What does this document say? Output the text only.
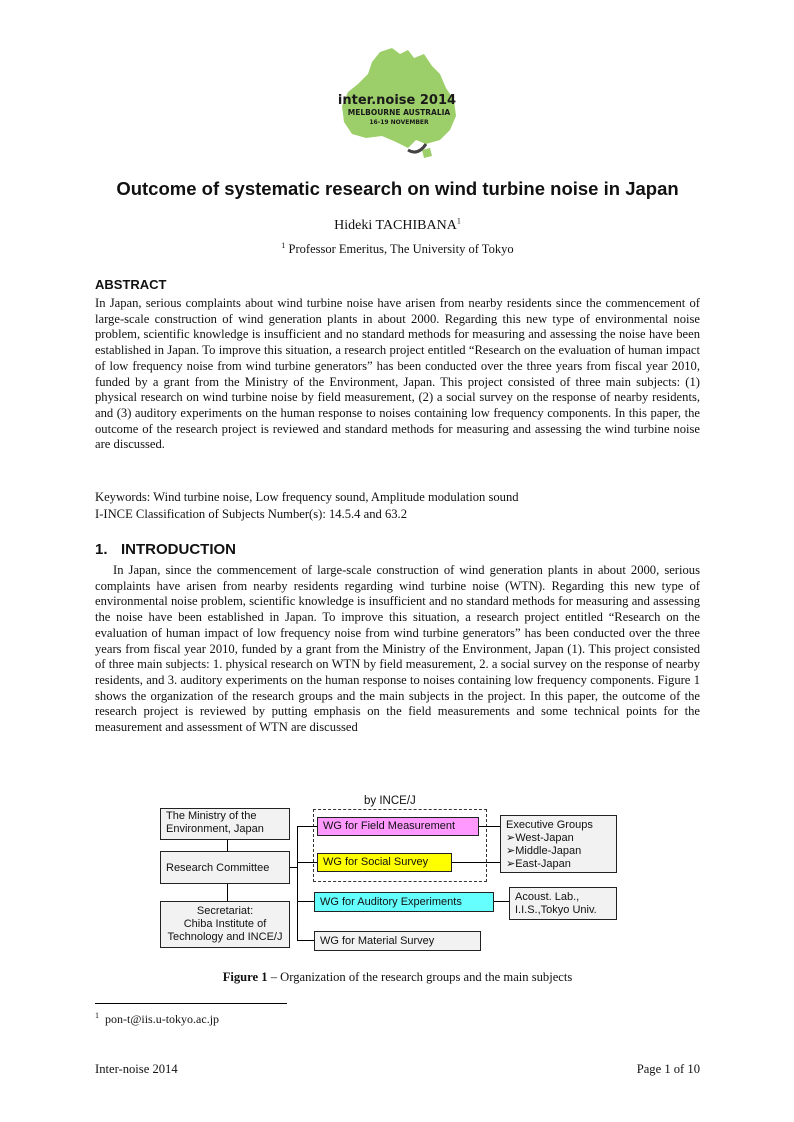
inter.noise 2014
MELBOURNE AUSTRALIA
16-19 NOVEMBER
Outcome of systematic research on wind turbine noise in Japan
Hideki TACHIBANA$^1$
$^1$ Professor Emeritus, The University of Tokyo
ABSTRACT

In Japan, serious complaints about wind turbine noise have arisen from nearby residents since the commencement of large-scale construction of wind generation plants in about 2000. Regarding this new type of environmental noise problem, scientific knowledge is insufficient and no standard methods for measuring and assessing the noise have been established in Japan. To improve this situation, a research project entitled “Research on the evaluation of human impact of low frequency noise from wind turbine generators” has been conducted over the three years from fiscal year 2010, funded by a grant from the Ministry of the Environment, Japan. This project consisted of three main subjects: (1) physical research on wind turbine noise by field measurement, (2) a social survey on the response of nearby residents, and (3) auditory experiments on the human response to noises containing low frequency components. In this paper, the outcome of the research project is reviewed and standard methods for measuring and assessing the wind turbine noise are discussed.

Keywords: Wind turbine noise, Low frequency sound, Amplitude modulation sound
I-INCE Classification of Subjects Number(s): 14.5.4 and 63.2
1. INTRODUCTION

In Japan, since the commencement of large-scale construction of wind generation plants in about 2000, serious complaints have arisen from nearby residents regarding wind turbine noise (WTN). Regarding this new type of environmental noise problem, scientific knowledge is insufficient and no standard methods for measuring and assessing the noise have been established in Japan. To improve this situation, a research project entitled “Research on the evaluation of human impact of low frequency noise from wind turbine generators” has been conducted over the three years from fiscal year 2010, funded by a grant from the Ministry of the Environment, Japan (1). This project consisted of three main subjects: 1. physical research on WTN by field measurement, 2. a social survey on the response of nearby residents, and 3. auditory experiments on the human response to noises containing low frequency components. Figure 1 shows the organization of the research groups and the main subjects in the project. In this paper, the outcome of the research project is reviewed by putting emphasis on the field measurements and some technical points for the measurement and assessment of WTN are discussed

by INCE/J
The Ministry of the Environment, Japan
Research Committee
Secretariat:
Chiba Institute of
Technology and INCE/J
WG for Field Measurement
WG for Social Survey
WG for Auditory Experiments
WG for Material Survey
Executive Groups
➢West-Japan
➢Middle-Japan
➢East-Japan
Acoust. Lab.,
I.I.S.,Tokyo Univ.
Figure 1 – Organization of the research groups and the main subjects
$^1$ pon-t@iis.u-tokyo.ac.jp
Inter-noise 2014	Page 1 of 10
